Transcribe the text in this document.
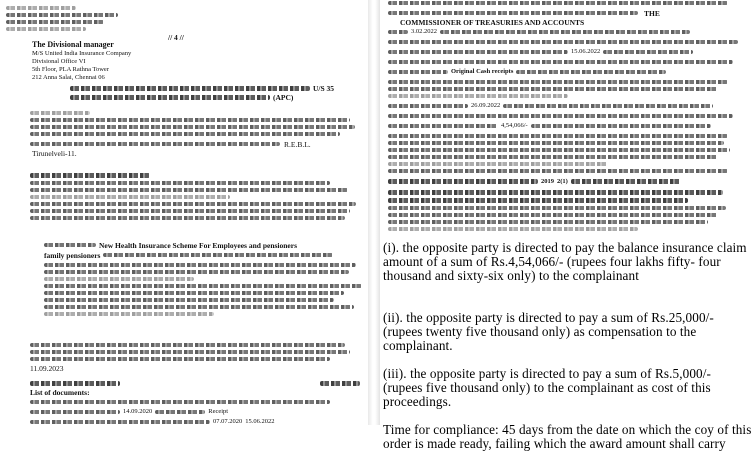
// 4 //
The Divisional manager
M/S United India Insurance Company
Divisional Office VI
5th Floor, PLA Rathna Tower
212 Anna Salai, Chennai 06
U/S 35
(APC)
R.E.B.L.
Tirunelveli-11.
New Health Insurance Scheme For Employees and pensioners
family pensioners
11.09.2023
List of documents:
14.09.2020	Receipt
07.07.2020 15.06.2022
THE
COMMISSIONER OF TREASURIES AND ACCOUNTS
3.02.2022
15.06.2022
Original Cash receipts
26.09.2022
4,54,066/-
2019 2(1)
(i). the opposite party is directed to pay the balance insurance claim amount of a sum of Rs.4,54,066/- (rupees four lakhs fifty- four thousand and sixty-six only) to the complainant
(ii). the opposite party is directed to pay a sum of Rs.25,000/-(rupees twenty five thousand only) as compensation to the complainant.
(iii). the opposite party is directed to pay a sum of Rs.5,000/- (rupees five thousand only) to the complainant as cost of this proceedings.
Time for compliance: 45 days from the date on which the coy of this order is made ready, failing which the award amount shall carry
